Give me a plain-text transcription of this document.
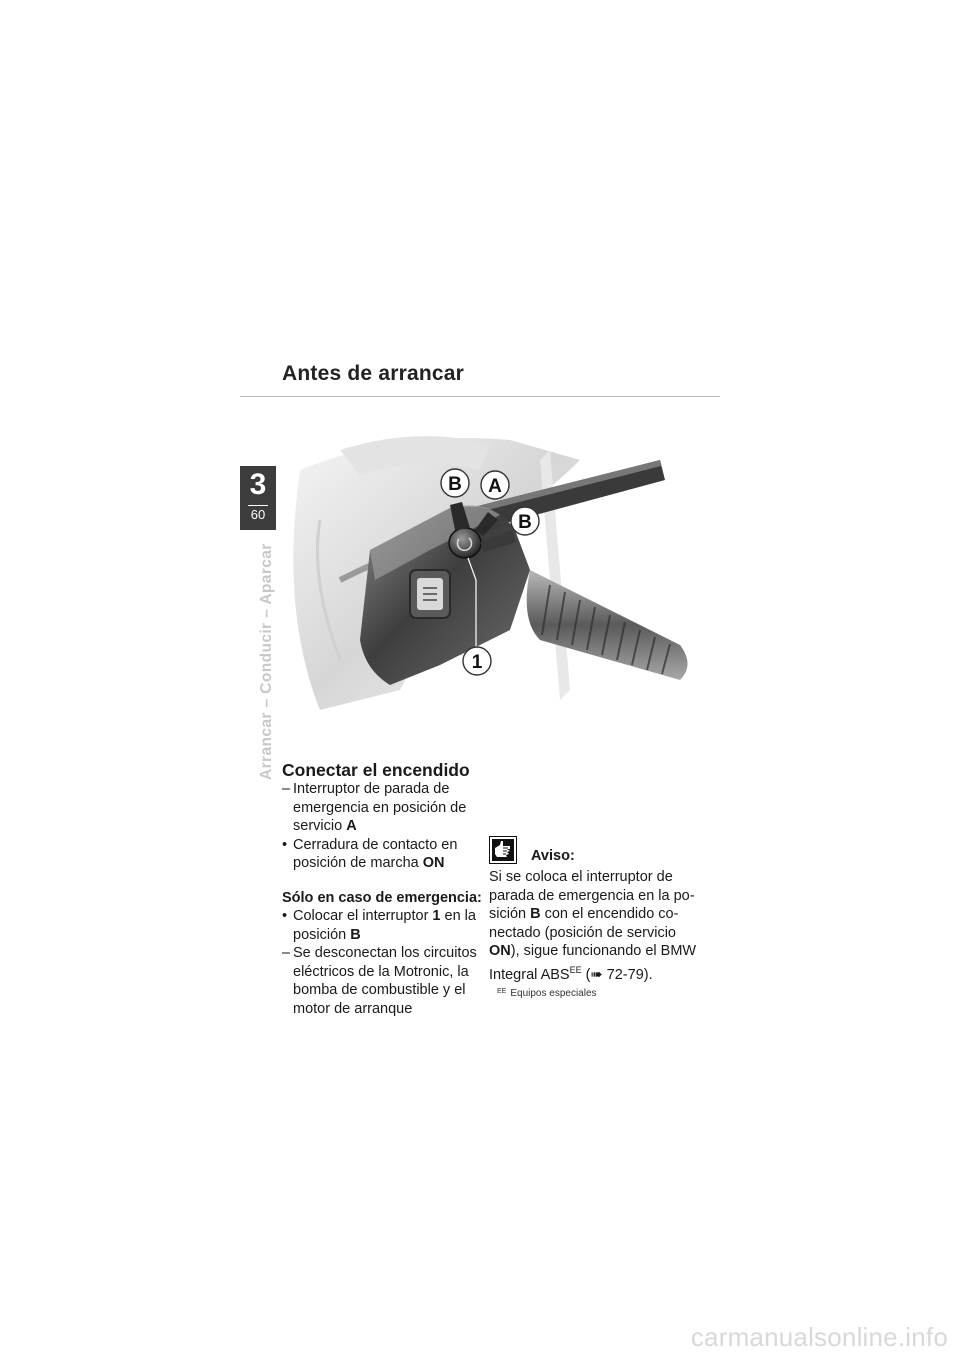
Antes de arrancar
3
60
Arrancar – Conducir – Aparcar
B A
B
1
Conectar el encendido
– Interruptor de parada de emergencia en posición de servicio A
• Cerradura de contacto en posición de marcha ON
Sólo en caso de emergencia:
• Colocar el interruptor 1 en la posición B
– Se desconectan los circuitos eléctricos de la Motronic, la bomba de combustible y el motor de arranque
Aviso:

Si se coloca el interruptor de parada de emergencia en la po-sición B con el encendido co-nectado (posición de servicio ON), sigue funcionando el BMW Integral $ABS^{EE}$ (➠ 72-79).

$^{EE}$ Equipos especiales
carmanualsonline.info
